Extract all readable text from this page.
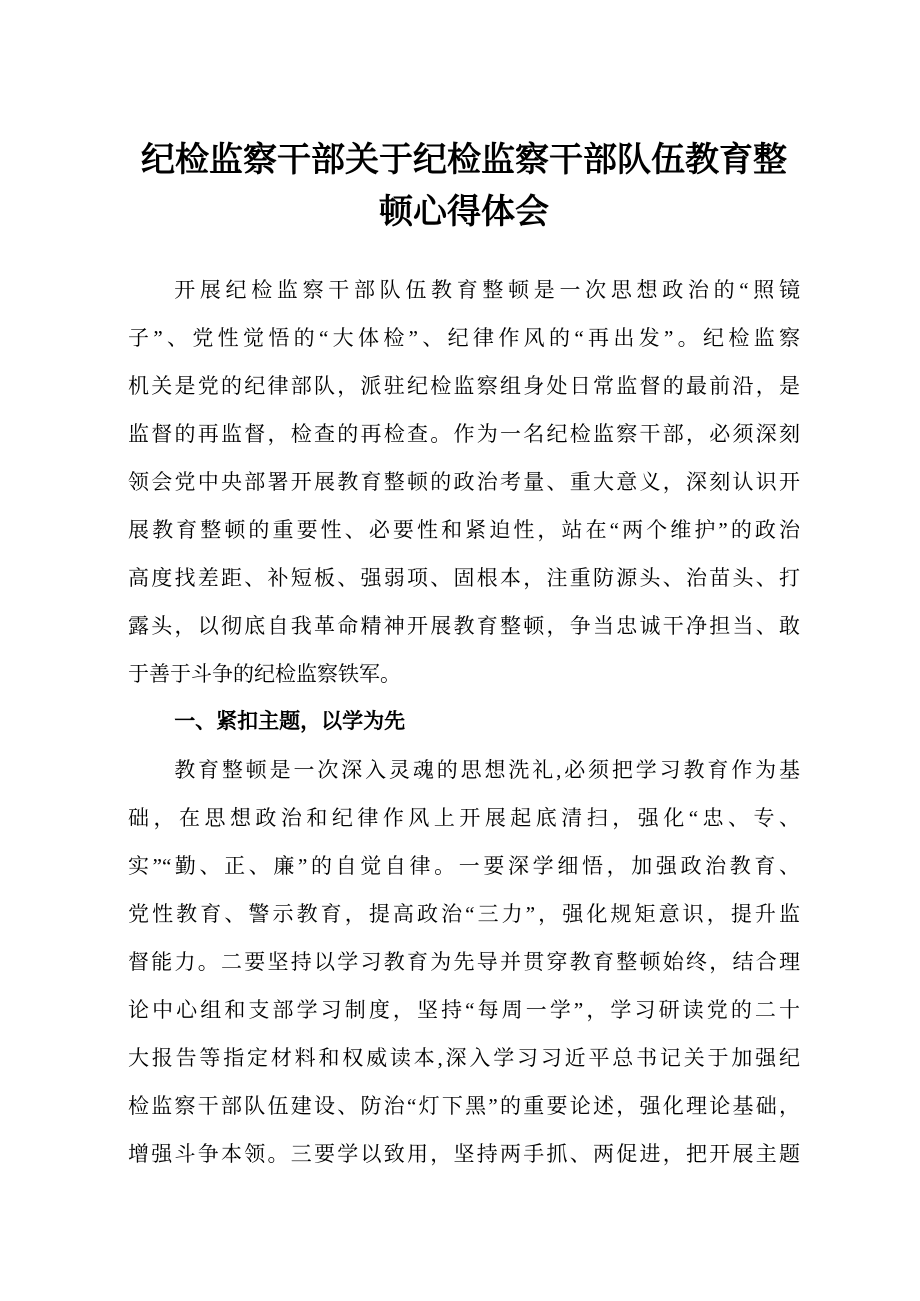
纪检监察干部关于纪检监察干部队伍教育整
顿心得体会
开展纪检监察干部队伍教育整顿是一次思想政治的“照镜
子”、党性觉悟的“大体检”、纪律作风的“再出发”。纪检监察
机关是党的纪律部队，派驻纪检监察组身处日常监督的最前沿，是
监督的再监督，检查的再检查。作为一名纪检监察干部，必须深刻
领会党中央部署开展教育整顿的政治考量、重大意义，深刻认识开
展教育整顿的重要性、必要性和紧迫性，站在“两个维护”的政治
高度找差距、补短板、强弱项、固根本，注重防源头、治苗头、打
露头，以彻底自我革命精神开展教育整顿，争当忠诚干净担当、敢
于善于斗争的纪检监察铁军。
一、紧扣主题，以学为先
教育整顿是一次深入灵魂的思想洗礼,必须把学习教育作为基
础，在思想政治和纪律作风上开展起底清扫，强化“忠、专、
实”“勤、正、廉”的自觉自律。一要深学细悟，加强政治教育、
党性教育、警示教育，提高政治“三力”，强化规矩意识，提升监
督能力。二要坚持以学习教育为先导并贯穿教育整顿始终，结合理
论中心组和支部学习制度，坚持“每周一学”，学习研读党的二十
大报告等指定材料和权威读本,深入学习习近平总书记关于加强纪
检监察干部队伍建设、防治“灯下黑”的重要论述，强化理论基础，
增强斗争本领。三要学以致用，坚持两手抓、两促进，把开展主题
